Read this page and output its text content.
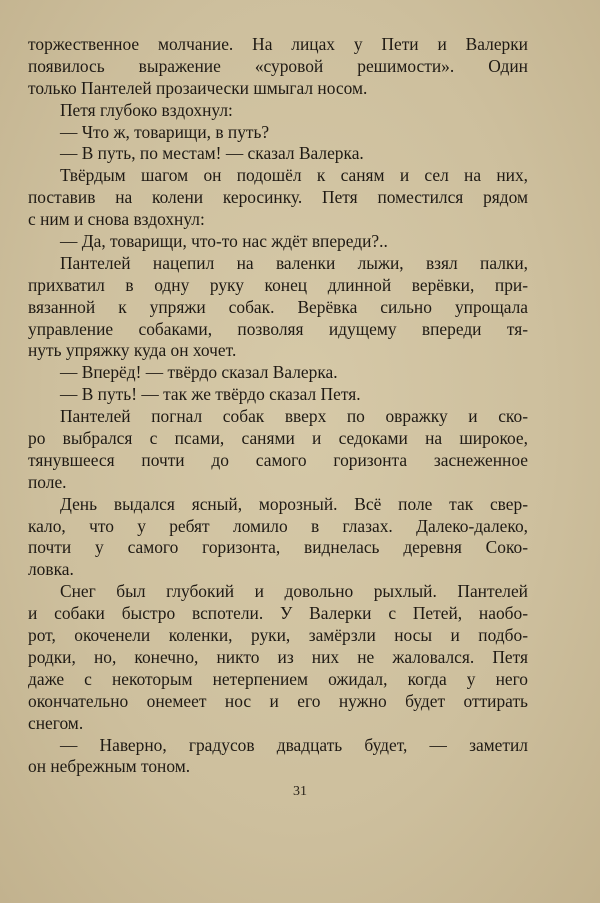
торжественное молчание. На лицах у Пети и Валерки
появилось выражение «суровой решимости». Один
только Пантелей прозаически шмыгал носом.
Петя глубоко вздохнул:
— Что ж, товарищи, в путь?
— В путь, по местам! — сказал Валерка.
Твёрдым шагом он подошёл к саням и сел на них,
поставив на колени керосинку. Петя поместился рядом
с ним и снова вздохнул:
— Да, товарищи, что-то нас ждёт впереди?..
Пантелей нацепил на валенки лыжи, взял палки,
прихватил в одну руку конец длинной верёвки, при-
вязанной к упряжи собак. Верёвка сильно упрощала
управление собаками, позволяя идущему впереди тя-
нуть упряжку куда он хочет.
— Вперёд! — твёрдо сказал Валерка.
— В путь! — так же твёрдо сказал Петя.
Пантелей погнал собак вверх по овражку и ско-
ро выбрался с псами, санями и седоками на широкое,
тянувшееся почти до самого горизонта заснеженное
поле.
День выдался ясный, морозный. Всё поле так свер-
кало, что у ребят ломило в глазах. Далеко-далеко,
почти у самого горизонта, виднелась деревня Соко-
ловка.
Снег был глубокий и довольно рыхлый. Пантелей
и собаки быстро вспотели. У Валерки с Петей, наобо-
рот, окоченели коленки, руки, замёрзли носы и подбо-
родки, но, конечно, никто из них не жаловался. Петя
даже с некоторым нетерпением ожидал, когда у него
окончательно онемеет нос и его нужно будет оттирать
снегом.
— Наверно, градусов двадцать будет, — заметил
он небрежным тоном.
31
